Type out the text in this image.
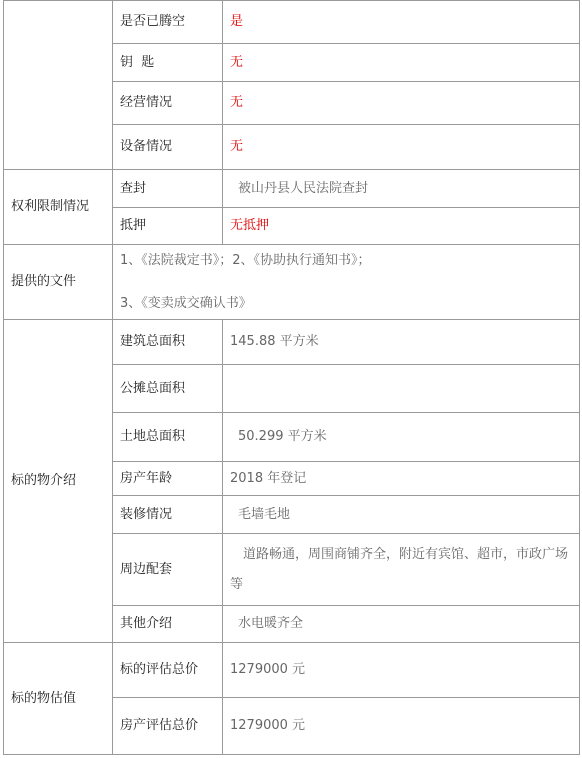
	是否已腾空	是
	钥  匙	无
	经营情况	无
	设备情况	无
权利限制情况	查封	被山丹县人民法院查封
	抵押	无抵押
提供的文件	1、《法院裁定书》；2、《协助执行通知书》；
3、《变卖成交确认书》	

标的物介绍	建筑总面积	145.88 平方米
	公摊总面积	
	土地总面积	50.299 平方米
	房产年龄	2018 年登记
	装修情况	毛墙毛地
	周边配套	道路畅通，周围商铺齐全，附近有宾馆、超市，市政广场等
	其他介绍	水电暖齐全
标的物估值	标的评估总价	1279000 元
	房产评估总价	1279000 元
